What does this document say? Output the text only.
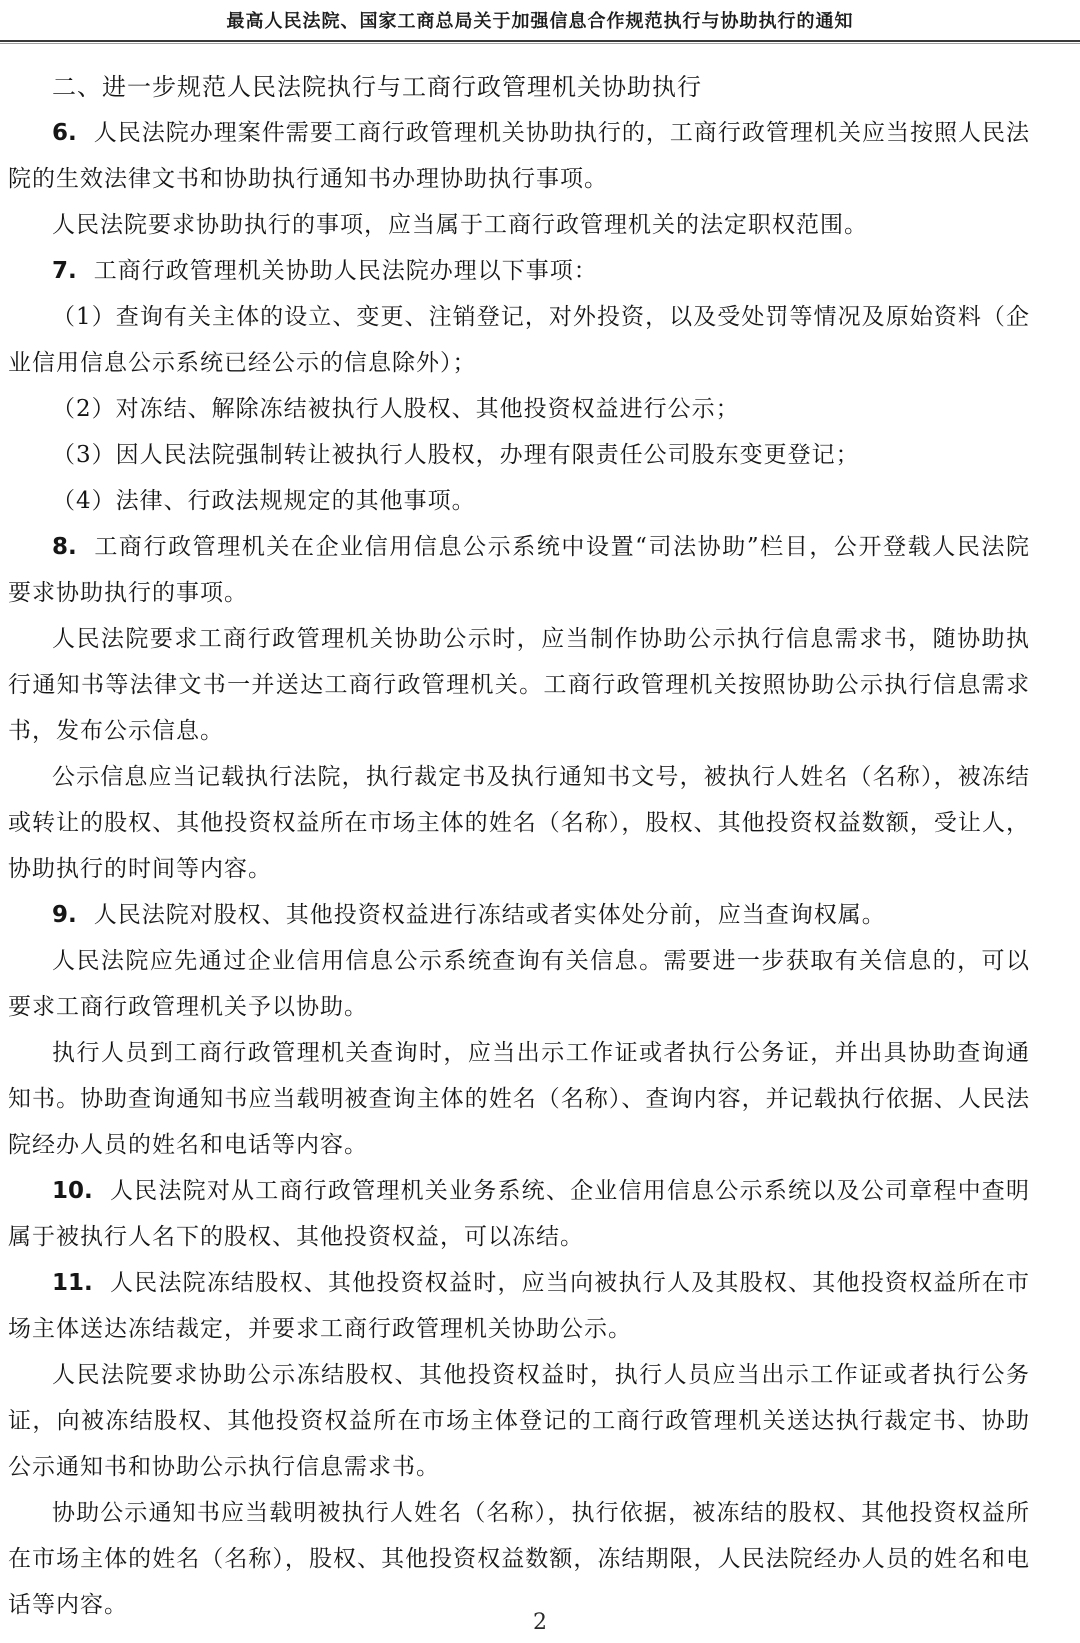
最高人民法院、国家工商总局关于加强信息合作规范执行与协助执行的通知

二、进一步规范人民法院执行与工商行政管理机关协助执行

6. 人民法院办理案件需要工商行政管理机关协助执行的，工商行政管理机关应当按照人民法院的生效法律文书和协助执行通知书办理协助执行事项。

人民法院要求协助执行的事项，应当属于工商行政管理机关的法定职权范围。

7. 工商行政管理机关协助人民法院办理以下事项：

（1）查询有关主体的设立、变更、注销登记，对外投资，以及受处罚等情况及原始资料（企业信用信息公示系统已经公示的信息除外）；

（2）对冻结、解除冻结被执行人股权、其他投资权益进行公示；

（3）因人民法院强制转让被执行人股权，办理有限责任公司股东变更登记；

（4）法律、行政法规规定的其他事项。

8. 工商行政管理机关在企业信用信息公示系统中设置“司法协助”栏目，公开登载人民法院要求协助执行的事项。

人民法院要求工商行政管理机关协助公示时，应当制作协助公示执行信息需求书，随协助执行通知书等法律文书一并送达工商行政管理机关。工商行政管理机关按照协助公示执行信息需求书，发布公示信息。

公示信息应当记载执行法院，执行裁定书及执行通知书文号，被执行人姓名（名称），被冻结或转让的股权、其他投资权益所在市场主体的姓名（名称），股权、其他投资权益数额，受让人，协助执行的时间等内容。

9. 人民法院对股权、其他投资权益进行冻结或者实体处分前，应当查询权属。

人民法院应先通过企业信用信息公示系统查询有关信息。需要进一步获取有关信息的，可以要求工商行政管理机关予以协助。

执行人员到工商行政管理机关查询时，应当出示工作证或者执行公务证，并出具协助查询通知书。协助查询通知书应当载明被查询主体的姓名（名称）、查询内容，并记载执行依据、人民法院经办人员的姓名和电话等内容。

10. 人民法院对从工商行政管理机关业务系统、企业信用信息公示系统以及公司章程中查明属于被执行人名下的股权、其他投资权益，可以冻结。

11. 人民法院冻结股权、其他投资权益时，应当向被执行人及其股权、其他投资权益所在市场主体送达冻结裁定，并要求工商行政管理机关协助公示。

人民法院要求协助公示冻结股权、其他投资权益时，执行人员应当出示工作证或者执行公务证，向被冻结股权、其他投资权益所在市场主体登记的工商行政管理机关送达执行裁定书、协助公示通知书和协助公示执行信息需求书。

协助公示通知书应当载明被执行人姓名（名称），执行依据，被冻结的股权、其他投资权益所在市场主体的姓名（名称），股权、其他投资权益数额，冻结期限，人民法院经办人员的姓名和电话等内容。

2
